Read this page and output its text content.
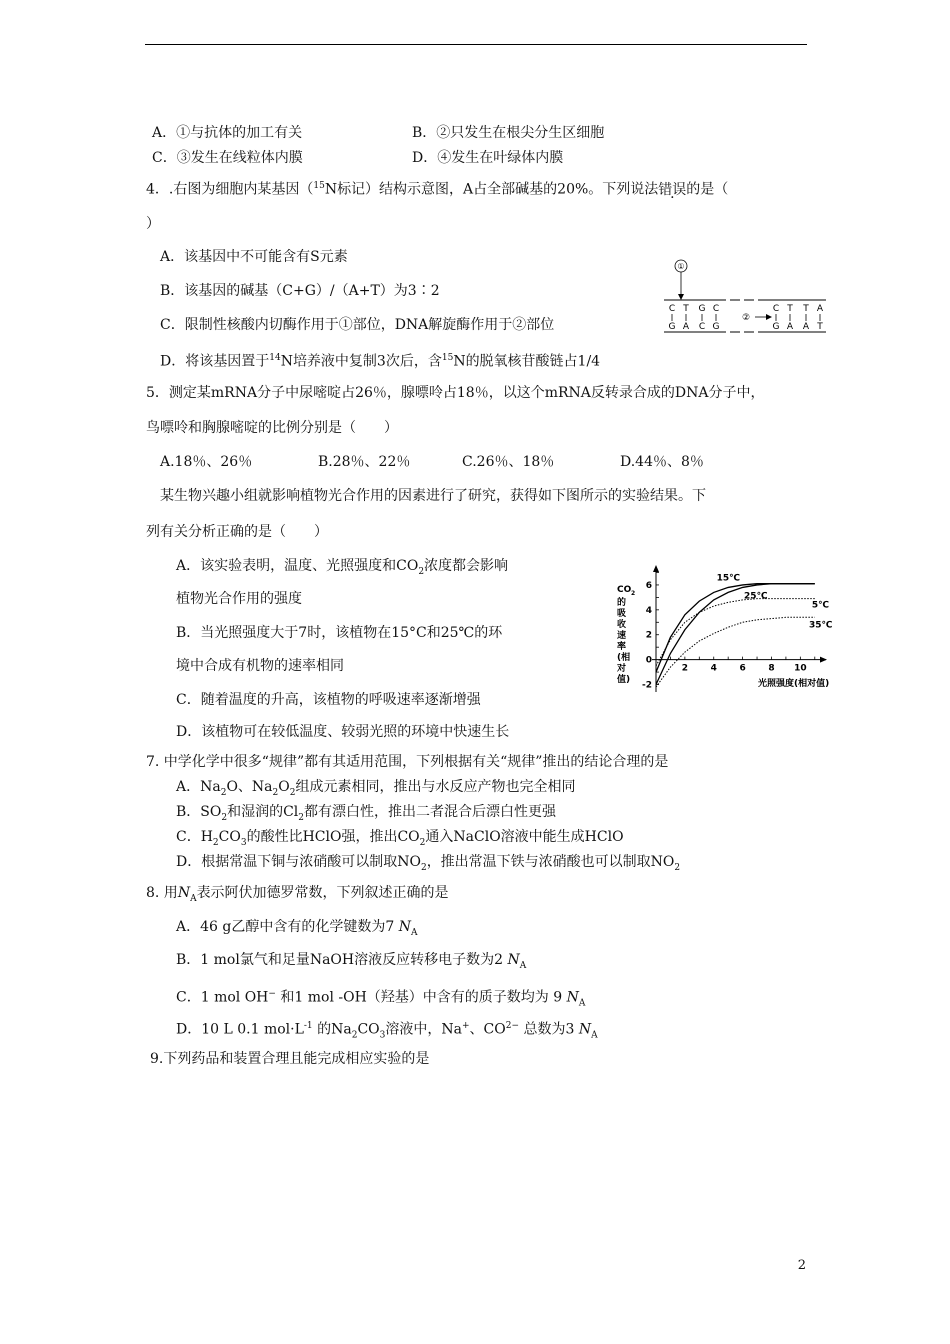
A．①与抗体的加工有关	B．②只发生在根尖分生区细胞
C．③发生在线粒体内膜	D．④发生在叶绿体内膜
4．.右图为细胞内某基因（$^{15}$N标记）结构示意图，A占全部碱基的20%。下列说法错误的是（
）
A．该基因中不可能含有S元素
B．该基因的碱基（C+G）/（A+T）为3∶2
C．限制性核酸内切酶作用于①部位，DNA解旋酶作用于②部位
D．将该基因置于$^{14}$N培养液中复制3次后，含$^{15}$N的脱氧核苷酸链占1/4
①
C T G C
G A C G
C T T A
G A A T
②
5．测定某mRNA分子中尿嘧啶占26％，腺嘌呤占18％，以这个mRNA反转录合成的DNA分子中，
鸟嘌呤和胸腺嘧啶的比例分别是（　　）
A.18％、26％	B.28％、22％	C.26％、18％	D.44％、8％
某生物兴趣小组就影响植物光合作用的因素进行了研究，获得如下图所示的实验结果。下
列有关分析正确的是（　　）
A．该实验表明，温度、光照强度和$CO_2$浓度都会影响
植物光合作用的强度
B．当光照强度大于7时，该植物在15°C和25℃的环
境中合成有机物的速率相同
C．随着温度的升高，该植物的呼吸速率逐渐增强
D．该植物可在较低温度、较弱光照的环境中快速生长
CO 2
的
吸
收
速
率
(相
对
值)
2	4	6	8 10
-2
2
4
6
0
15℃
25℃
5℃
35℃
光照强度(相对值)
7. 中学化学中很多“规律”都有其适用范围，下列根据有关“规律”推出的结论合理的是
A．$Na_2O$、$Na_2O_2$组成元素相同，推出与水反应产物也完全相同
B．$SO_2$和湿润的$Cl_2$都有漂白性，推出二者混合后漂白性更强
C．$H_2CO_3$的酸性比HClO强，推出$CO_2$通入NaClO溶液中能生成HClO
D．根据常温下铜与浓硝酸可以制取$NO_2$，推出常温下铁与浓硝酸也可以制取$NO_2$
8. 用$N_A$表示阿伏加德罗常数，下列叙述正确的是
A．46 g乙醇中含有的化学键数为7 $N_A$
B．1 mol氯气和足量NaOH溶液反应转移电子数为2 $N_A$
C．1 mol OH− 和1 mol -OH（羟基）中含有的质子数均为 9 $N_A$
D．10 L 0.1 $mol\cdot L^{-1}$ 的$Na_2CO_3$溶液中，Na+、$CO^{2-}$ 总数为3 $N_A$
9.下列药品和装置合理且能完成相应实验的是
2
